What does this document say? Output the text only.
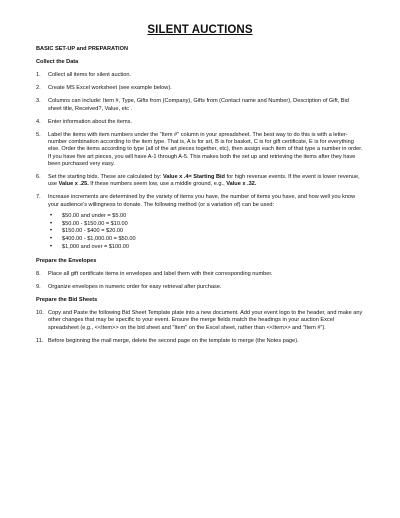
SILENT AUCTIONS
BASIC SET-UP and PREPARATION
Collect the Data
1.	Collect all items for silent auction.
2.	Create MS Excel worksheet (see example below).
3.	Columns can include: Item #, Type, Gifts from (Company), Gifts from (Contact name and Number), Description of Gift, Bid sheet title, Received?, Value, etc .
4.	Enter information about the items.
5.	Label the items with item numbers under the "Item #" column in your spreadsheet. The best way to do this is with a letter-number combination according to the item type. That is, A is for art, B is for basket, C is for gift certificate, E is for everything else. Order the items according to type (all of the art pieces together, etc), then assign each item of that type a number in order. If you have five art pieces, you will have A-1 through A-5. This makes both the set up and retrieving the items after they have been purchased very easy.
6.	Set the starting bids. These are calculated by: Value x .4= Starting Bid for high revenue events. If the event is lower revenue, use Value x .25. If these numbers seem low, use a middle ground, e.g., Value x .32.
7.	Increase increments are determined by the variety of items you have, the number of items you have, and how well you know your audience's willingness to donate. The following method (or a variation of) can be used:
•	$50.00 and under = $5.00
•	$50.00 - $150.00 = $10.00
•	$150.00 - $400 = $20.00
•	$400.00 - $1,000.00 = $50.00
•	$1,000 and over = $100.00
Prepare the Envelopes
8.	Place all gift certificate items in envelopes and label them with their corresponding number.
9.	Organize envelopes in numeric order for easy retrieval after purchase.
Prepare the Bid Sheets
10. Copy and Paste the following Bid Sheet Template plate into a new document. Add your event logo to the header, and make any other changes that may be specific to your event. Ensure the merge fields match the headings in your auction Excel spreadsheet (e.g., <<Item>> on the bid sheet and "Item" on the Excel sheet, rather than <<Item>> and "Item #").
11. Before beginning the mail merge, delete the second page on the template to merge (the Notes page).
